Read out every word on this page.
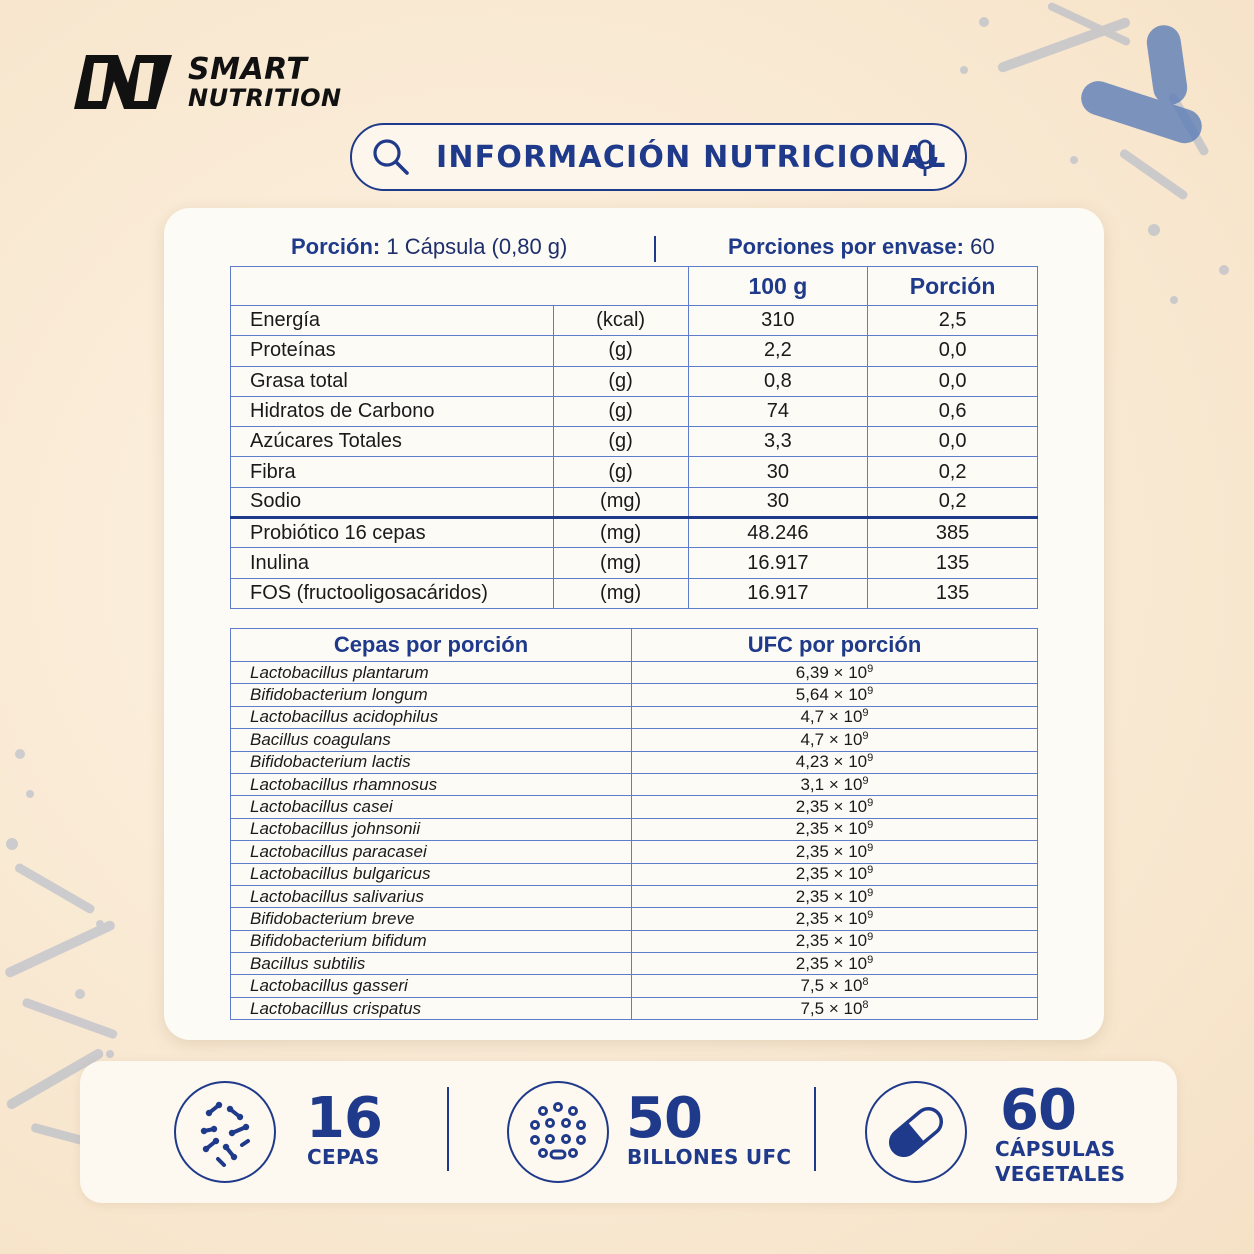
SMART
NUTRITION
INFORMACIÓN NUTRICIONAL
Porción: 1 Cápsula (0,80 g)	Porciones por envase: 60
		100 g	Porción
Energía	(kcal)	310	2,5
Proteínas	(g)	2,2	0,0
Grasa total	(g)	0,8	0,0
Hidratos de Carbono	(g)	74	0,6
Azúcares Totales	(g)	3,3	0,0
Fibra	(g)	30	0,2
Sodio	(mg)	30	0,2
Probiótico 16 cepas	(mg)	48.246	385
Inulina	(mg)	16.917	135
FOS (fructooligosacáridos)	(mg)	16.917	135
Cepas por porción	UFC por porción
Lactobacillus plantarum	$6,39 \times 10^9$
Bifidobacterium longum	$5,64 \times 10^9$
Lactobacillus acidophilus	$4,7 \times 10^9$
Bacillus coagulans	$4,7 \times 10^9$
Bifidobacterium lactis	$4,23 \times 10^9$
Lactobacillus rhamnosus	$3,1 \times 10^9$
Lactobacillus casei	$2,35 \times 10^9$
Lactobacillus johnsonii	$2,35 \times 10^9$
Lactobacillus paracasei	$2,35 \times 10^9$
Lactobacillus bulgaricus	$2,35 \times 10^9$
Lactobacillus salivarius	$2,35 \times 10^9$
Bifidobacterium breve	$2,35 \times 10^9$
Bifidobacterium bifidum	$2,35 \times 10^9$
Bacillus subtilis	$2,35 \times 10^9$
Lactobacillus gasseri	$7,5 \times 10^8$
Lactobacillus crispatus	$7,5 \times 10^8$
16
CEPAS
50
BILLONES UFC
60
CÁPSULAS
VEGETALES
